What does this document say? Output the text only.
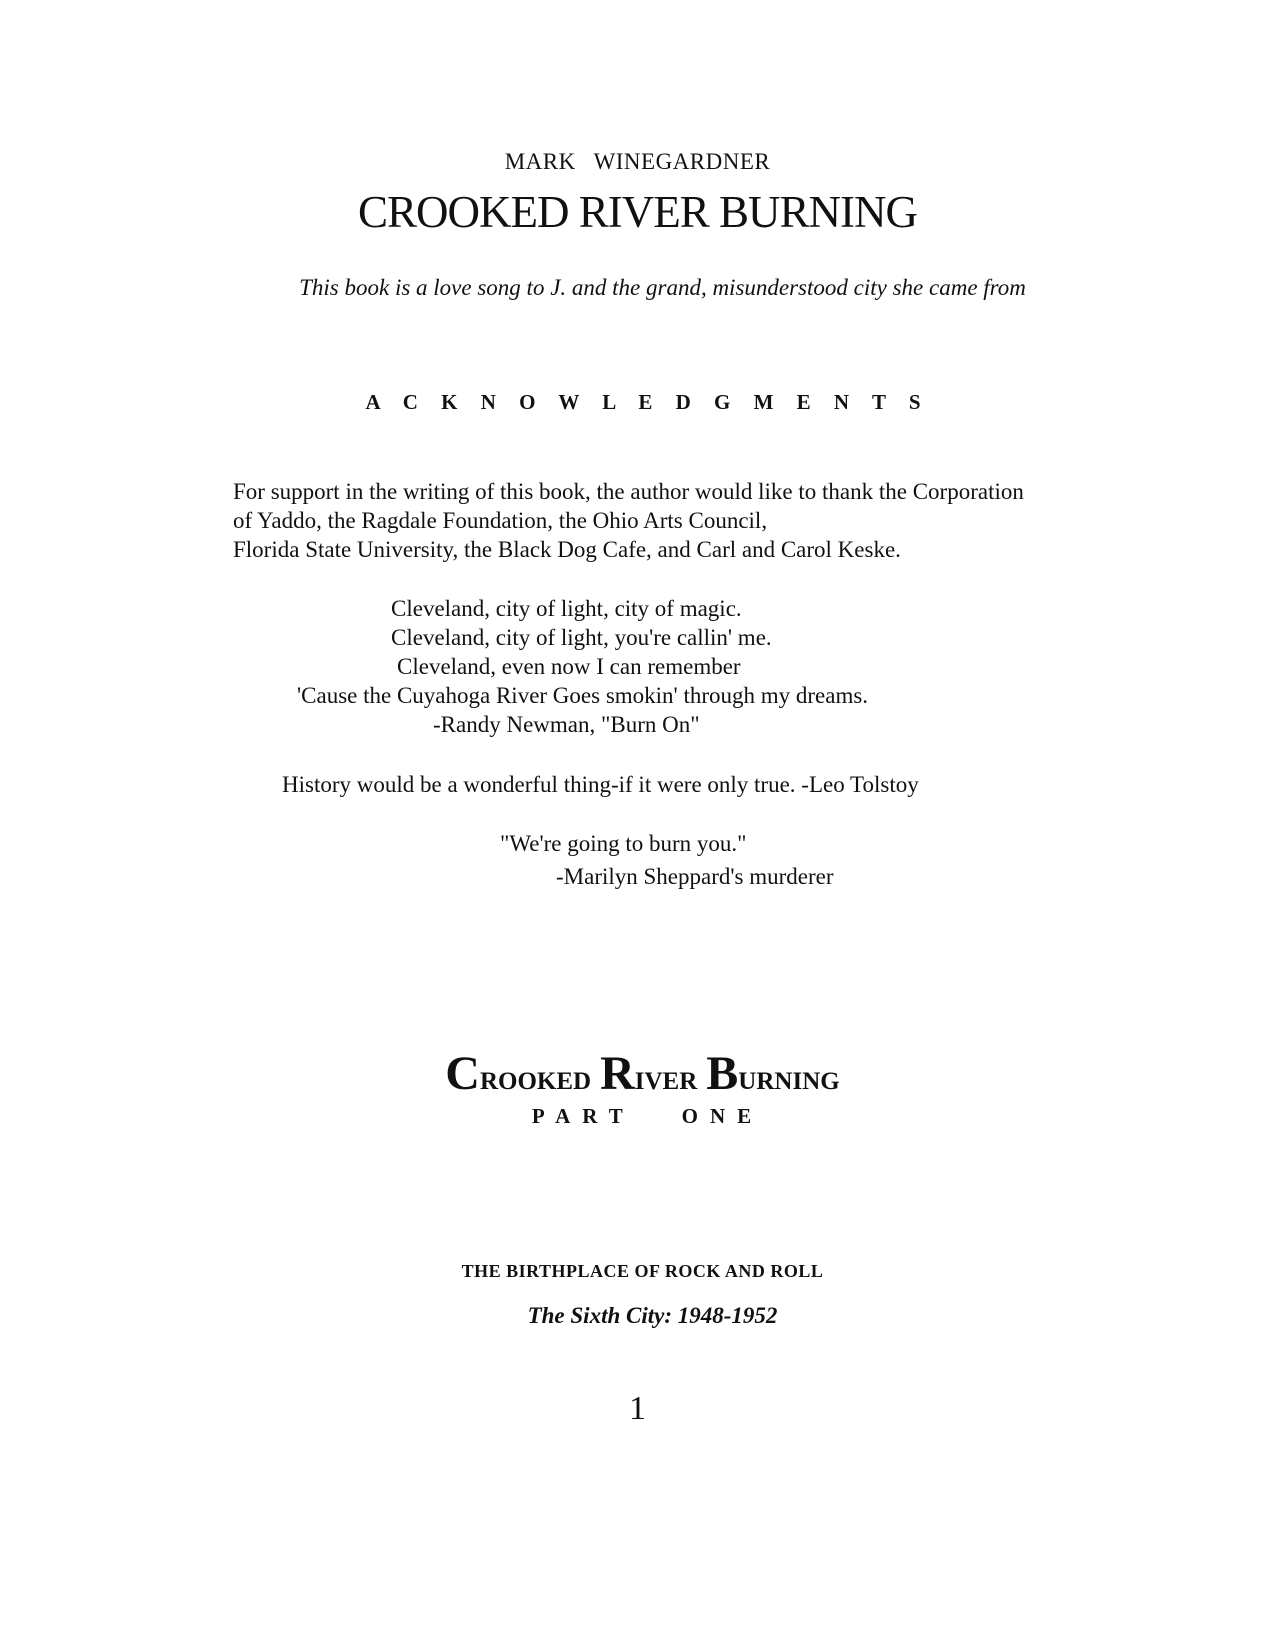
MARK WINEGARDNER
CROOKED RIVER BURNING
This book is a love song to J. and the grand, misunderstood city she came from
A C K N O W L E D G M E N T S
For support in the writing of this book, the author would like to thank the Corporation
of Yaddo, the Ragdale Foundation, the Ohio Arts Council,
Florida State University, the Black Dog Cafe, and Carl and Carol Keske.
Cleveland, city of light, city of magic.
Cleveland, city of light, you're callin' me.
Cleveland, even now I can remember
'Cause the Cuyahoga River Goes smokin' through my dreams.
-Randy Newman, "Burn On"
History would be a wonderful thing-if it were only true. -Leo Tolstoy
"We're going to burn you."
-Marilyn Sheppard's murderer
Crooked River Burning
PART ONE
THE BIRTHPLACE OF ROCK AND ROLL
The Sixth City: 1948-1952
1
